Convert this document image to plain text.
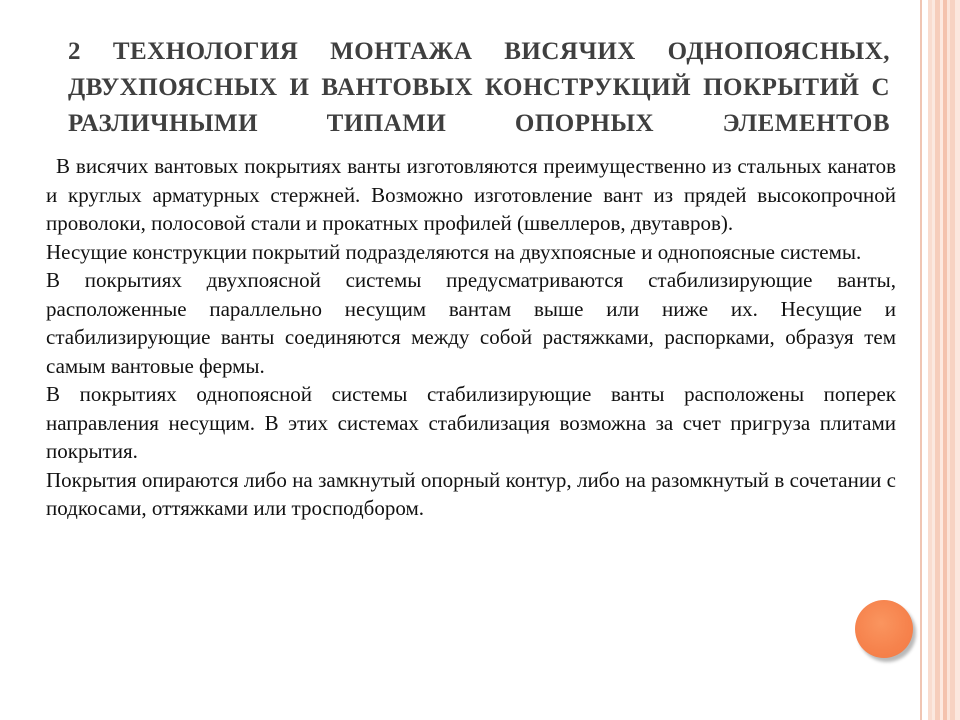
2 ТЕХНОЛОГИЯ МОНТАЖА ВИСЯЧИХ ОДНОПОЯСНЫХ, ДВУХПОЯСНЫХ И ВАНТОВЫХ КОНСТРУКЦИЙ ПОКРЫТИЙ С РАЗЛИЧНЫМИ ТИПАМИ ОПОРНЫХ ЭЛЕМЕНТОВ

В висячих вантовых покрытиях ванты изготовляются преимущественно из стальных канатов и круглых арматурных стержней. Возможно изготовление вант из прядей высокопрочной проволоки, полосовой стали и прокатных профилей (швеллеров, двутавров).

Несущие конструкции покрытий подразделяются на двухпоясные и однопоясные системы.

В покрытиях двухпоясной системы предусматриваются стабилизирующие ванты, расположенные параллельно несущим вантам выше или ниже их. Несущие и стабилизирующие ванты соединяются между собой растяжками, распорками, образуя тем самым вантовые фермы.

В покрытиях однопоясной системы стабилизирующие ванты расположены поперек направления несущим. В этих системах стабилизация возможна за счет пригруза плитами покрытия.

Покрытия опираются либо на замкнутый опорный контур, либо на разомкнутый в сочетании с подкосами, оттяжками или тросподбором.
